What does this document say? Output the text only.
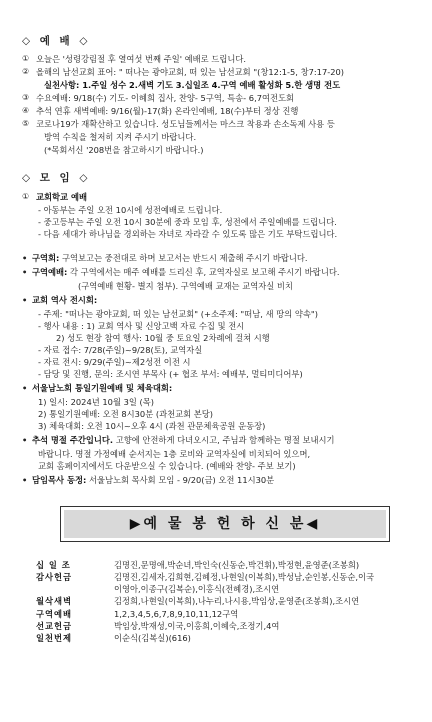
◇ 예 배 ◇
① 오늘은 '성령강림절 후 열여섯 번째 주일' 예배로 드립니다.
② 올해의 남선교회 표어: " 떠나는 광야교회, 떠 있는 남선교회 "(창12:1-5, 창7:17-20)
실천사항: 1.주일 성수 2.새벽 기도 3.십일조 4.구역 예배 활성화 5.한 생명 전도
③ 수요예배: 9/18(수) 기도- 이혜희 집사, 찬양- 5구역, 특송- 6,7여전도회
④ 추석 연휴 새벽예배: 9/16(월)-17(화) 온라인예배, 18(수)부터 정상 진행
⑤ 코로나19가 재확산하고 있습니다. 성도님들께서는 마스크 착용과 손소독제 사용 등
방역 수칙을 철저히 지켜 주시기 바랍니다.
(*목회서신 '208번을 참고하시기 바랍니다.)
◇ 모 임 ◇
① 교회학교 예배
- 아동부는 주일 오전 10시에 성전예배로 드립니다.
- 중고등부는 주일 오전 10시 30분에 중과 모임 후, 성전에서 주일예배를 드립니다.
- 다음 세대가 하나님을 경외하는 자녀로 자라갈 수 있도록 많은 기도 부탁드립니다.
• 구역회: 구역보고는 중전대로 하며 보고서는 반드시 제출해 주시기 바랍니다.
• 구역예배: 각 구역에서는 매주 예배를 드리신 후, 교역자실로 보고해 주시기 바랍니다.
(구역예배 현황- 별지 첨부). 구역예배 교재는 교역자실 비치
• 교회 역사 전시회:
- 주제: "떠나는 광야교회, 떠 있는 남선교회" (+소주제: "떠남, 새 땅의 약속")
- 행사 내용 : 1) 교회 역사 및 신앙고백 자료 수집 및 전시
2) 성도 현장 참여 행사: 10월 중 토요일 2차례에 걸쳐 시행
- 자료 접수: 7/28(주일)~9/28(토), 교역자실
- 자료 전시: 9/29(주일)~제2성전 이전 시
- 담당 및 진행, 문의: 조시연 부목사 (+ 협조 부서: 예배부, 멀티미디어부)
• 서울남노회 통일기원예배 및 체육대회:
1) 일시: 2024년 10월 3일 (목)
2) 통일기원예배: 오전 8시30분 (과천교회 본당)
3) 체육대회: 오전 10시~오후 4시 (과천 관문체육공원 운동장)
• 추석 명절 주간입니다. 고향에 안전하게 다녀오시고, 주님과 함께하는 명절 보내시기
바랍니다. 명절 가정예배 순서지는 1층 로비와 교역자실에 비치되어 있으며,
교회 홈페이지에서도 다운받으실 수 있습니다. (예배와 찬양- 주보 보기)
• 담임목사 동정: 서울남노회 목사회 모임 - 9/20(금) 오전 11시30분
▶예 물 봉 헌 하 신 분◀
십 일 조	김명진,문명애,박순녀,박인숙(신동순,박건휘),박정현,윤영준(조봉희)
감사헌금	김명진,김세자,김희현,김혜정,나현일(이복희),박성남,순인봉,신동순,이국
이영아,이종구(김복순),이홍식(전혜경),조시연
월삭새벽	김정희,나현일(이복희),나누리,나시용,박임상,윤영준(조봉희),조시연
구역예배	1,2,3,4,5,6,7,8,9,10,11,12구역
선교헌금	박임상,박재성,이국,이홍희,이혜숙,조정기,4여
일천번제	이순식(김복실)(616)
